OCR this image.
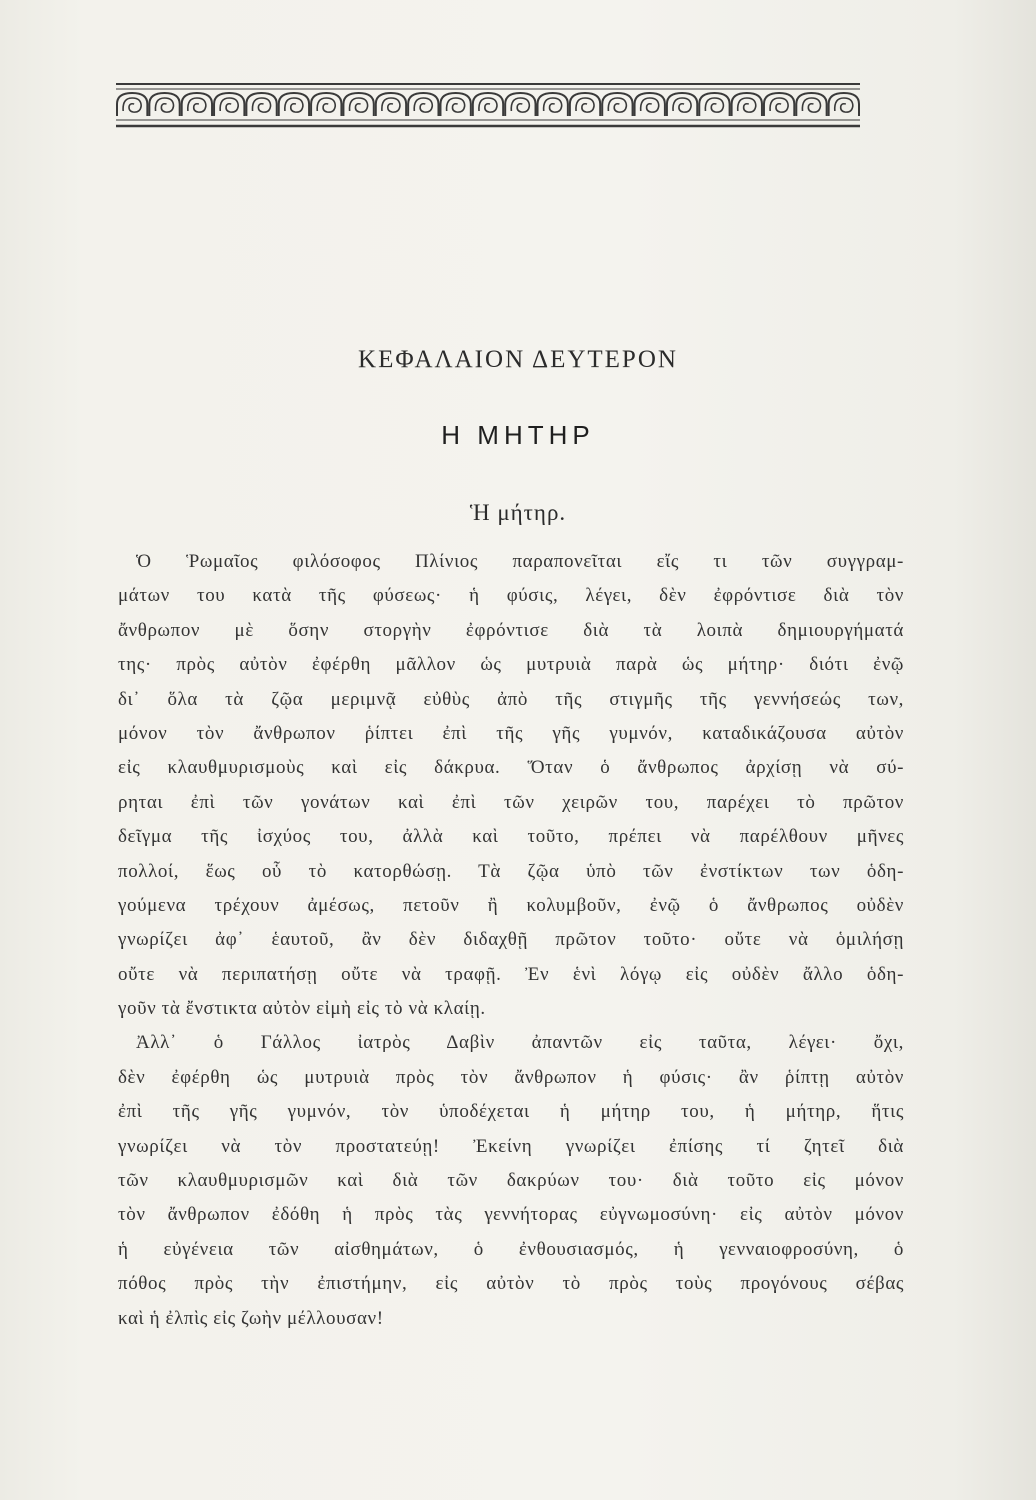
ΚΕΦΑΛΑΙΟΝ ΔΕΥΤΕΡΟΝ
Η ΜΗΤΗΡ
Ἡ μήτηρ.
Ὁ Ῥωμαῖος φιλόσοφος Πλίνιος παραπονεῖται εἴς τι τῶν συγγραμ-
μάτων του κατὰ τῆς φύσεως· ἡ φύσις, λέγει, δὲν ἐφρόντισε διὰ τὸν
ἄνθρωπον μὲ ὅσην στοργὴν ἐφρόντισε διὰ τὰ λοιπὰ δημιουργήματά
της· πρὸς αὐτὸν ἐφέρθη μᾶλλον ὡς μυτρυιὰ παρὰ ὡς μήτηρ· διότι ἐνῷ
δι᾽ ὅλα τὰ ζῷα μεριμνᾷ εὐθὺς ἀπὸ τῆς στιγμῆς τῆς γεννήσεώς των,
μόνον τὸν ἄνθρωπον ῥίπτει ἐπὶ τῆς γῆς γυμνόν, καταδικάζουσα αὐτὸν
εἰς κλαυθμυρισμοὺς καὶ εἰς δάκρυα. Ὅταν ὁ ἄνθρωπος ἀρχίσῃ νὰ σύ-
ρηται ἐπὶ τῶν γονάτων καὶ ἐπὶ τῶν χειρῶν του, παρέχει τὸ πρῶτον
δεῖγμα τῆς ἰσχύος του, ἀλλὰ καὶ τοῦτο, πρέπει νὰ παρέλθουν μῆνες
πολλοί, ἕως οὗ τὸ κατορθώσῃ. Τὰ ζῷα ὑπὸ τῶν ἐνστίκτων των ὁδη-
γούμενα τρέχουν ἀμέσως, πετοῦν ἢ κολυμβοῦν, ἐνῷ ὁ ἄνθρωπος οὐδὲν
γνωρίζει ἀφ᾽ ἑαυτοῦ, ἂν δὲν διδαχθῇ πρῶτον τοῦτο· οὔτε νὰ ὁμιλήσῃ
οὔτε νὰ περιπατήσῃ οὔτε νὰ τραφῇ. Ἐν ἑνὶ λόγῳ εἰς οὐδὲν ἄλλο ὁδη-
γοῦν τὰ ἔνστικτα αὐτὸν εἰμὴ εἰς τὸ νὰ κλαίῃ.
Ἀλλ᾽ ὁ Γάλλος ἰατρὸς Δαβὶν ἀπαντῶν εἰς ταῦτα, λέγει· ὄχι,
δὲν ἐφέρθη ὡς μυτρυιὰ πρὸς τὸν ἄνθρωπον ἡ φύσις· ἂν ῥίπτῃ αὐτὸν
ἐπὶ τῆς γῆς γυμνόν, τὸν ὑποδέχεται ἡ μήτηρ του, ἡ μήτηρ, ἥτις
γνωρίζει νὰ τὸν προστατεύῃ! Ἐκείνη γνωρίζει ἐπίσης τί ζητεῖ διὰ
τῶν κλαυθμυρισμῶν καὶ διὰ τῶν δακρύων του· διὰ τοῦτο εἰς μόνον
τὸν ἄνθρωπον ἐδόθη ἡ πρὸς τὰς γεννήτορας εὐγνωμοσύνη· εἰς αὐτὸν μόνον
ἡ εὐγένεια τῶν αἰσθημάτων, ὁ ἐνθουσιασμός, ἡ γενναιοφροσύνη, ὁ
πόθος πρὸς τὴν ἐπιστήμην, εἰς αὐτὸν τὸ πρὸς τοὺς προγόνους σέβας
καὶ ἡ ἐλπὶς εἰς ζωὴν μέλλουσαν!
